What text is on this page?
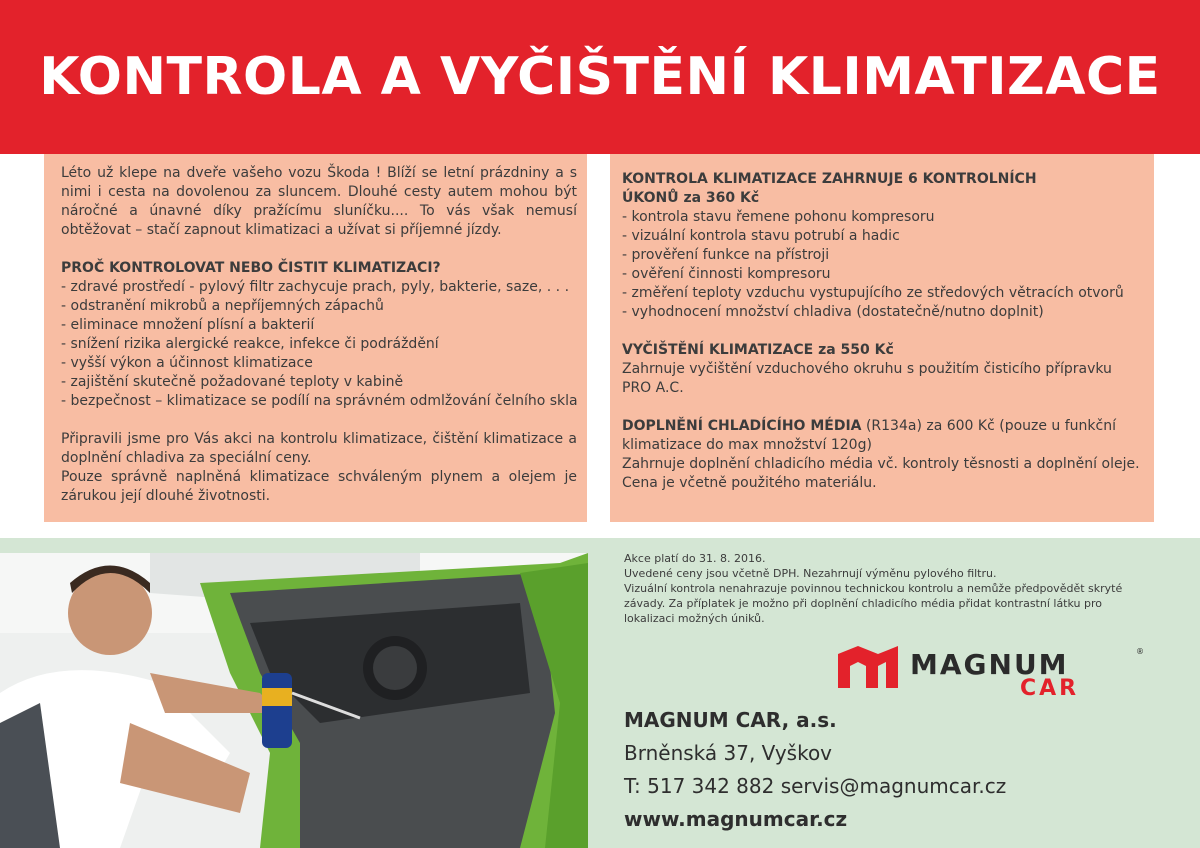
KONTROLA A VYČIŠTĚNÍ KLIMATIZACE

Léto už klepe na dveře vašeho vozu Škoda ! Blíží se letní prázdniny a s nimi i cesta na dovolenou za sluncem. Dlouhé cesty autem mohou být náročné a únavné díky pražícímu sluníčku.... To vás však nemusí obtěžovat – stačí zapnout klimatizaci a užívat si příjemné jízdy.

PROČ KONTROLOVAT NEBO ČISTIT KLIMATIZACI?
- zdravé prostředí - pylový filtr zachycuje prach, pyly, bakterie, saze, . . .
- odstranění mikrobů a nepříjemných zápachů
- eliminace množení plísní a bakterií
- snížení rizika alergické reakce, infekce či podráždění
- vyšší výkon a účinnost klimatizace
- zajištění skutečně požadované teploty v kabině
- bezpečnost – klimatizace se podílí na správném odmlžování čelního skla

Připravili jsme pro Vás akci na kontrolu klimatizace, čištění klimatizace a doplnění chladiva za speciální ceny.

Pouze správně naplněná klimatizace schváleným plynem a olejem je zárukou její dlouhé životnosti.

KONTROLA KLIMATIZACE ZAHRNUJE 6 KONTROLNÍCH ÚKONŮ za 360 Kč
- kontrola stavu řemene pohonu kompresoru
- vizuální kontrola stavu potrubí a hadic
- prověření funkce na přístroji
- ověření činnosti kompresoru
- změření teploty vzduchu vystupujícího ze středových větracích otvorů
- vyhodnocení množství chladiva (dostatečně/nutno doplnit)
VYČIŠTĚNÍ KLIMATIZACE za 550 Kč

Zahrnuje vyčištění vzduchového okruhu s použitím čisticího přípravku PRO A.C.

DOPLNĚNÍ CHLADÍCÍHO MÉDIA (R134a) za 600 Kč (pouze u funkční klimatizace do max množství 120g)

Zahrnuje doplnění chladicího média vč. kontroly těsnosti a doplnění oleje. Cena je včetně použitého materiálu.

Akce platí do 31. 8. 2016.

Uvedené ceny jsou včetně DPH. Nezahrnují výměnu pylového filtru.

Vizuální kontrola nenahrazuje povinnou technickou kontrolu a nemůže předpovědět skryté závady. Za příplatek je možno při doplnění chladicího média přidat kontrastní látku pro lokalizaci možných úniků.

MAGNUM	®
CAR
MAGNUM CAR, a.s.
Brněnská 37, Vyškov
T: 517 342 882 servis@magnumcar.cz
www.magnumcar.cz
